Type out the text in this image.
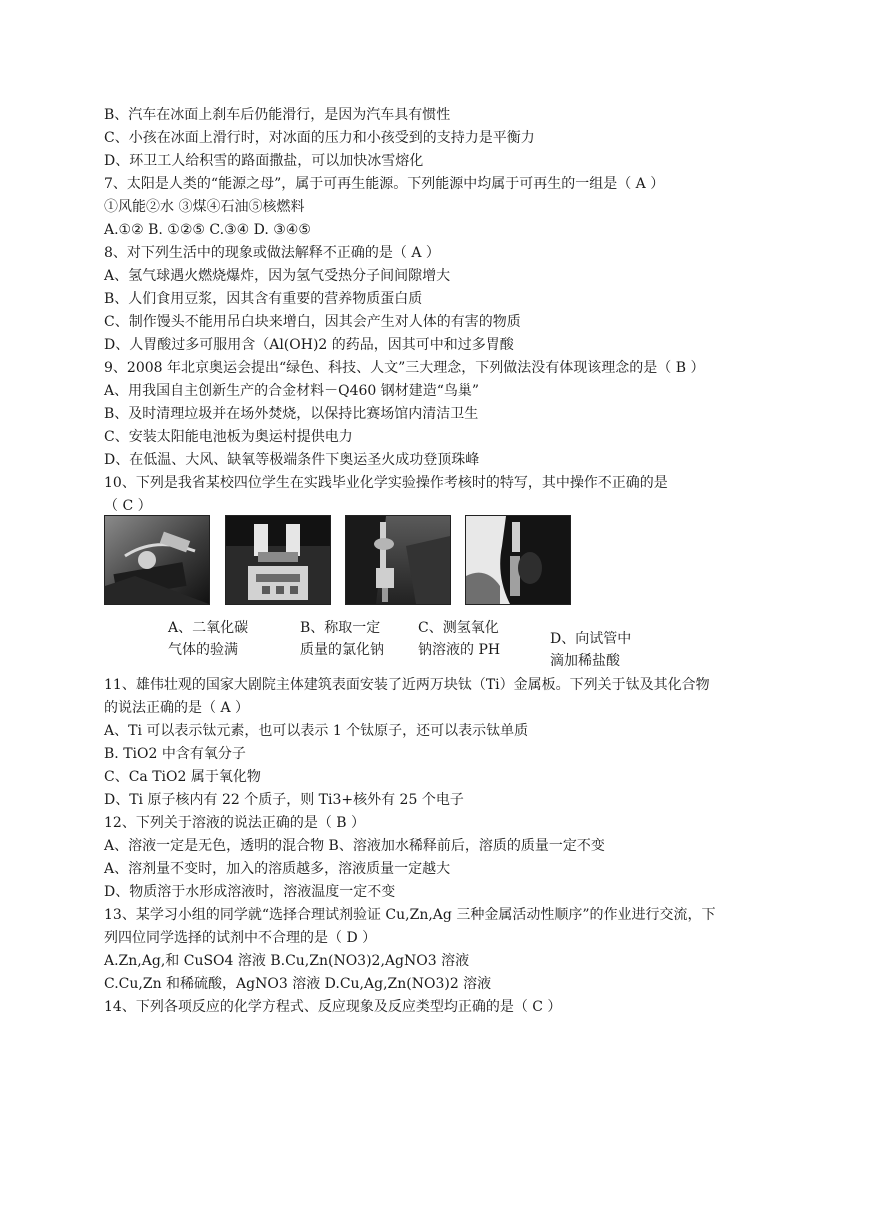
B、汽车在冰面上刹车后仍能滑行，是因为汽车具有惯性
C、小孩在冰面上滑行时，对冰面的压力和小孩受到的支持力是平衡力
D、环卫工人给积雪的路面撒盐，可以加快冰雪熔化
7、太阳是人类的“能源之母”，属于可再生能源。下列能源中均属于可再生的一组是（ A ）
①风能②水 ③煤④石油⑤核燃料
A.①② B. ①②⑤ C.③④ D. ③④⑤
8、对下列生活中的现象或做法解释不正确的是（ A ）
A、氢气球遇火燃烧爆炸，因为氢气受热分子间间隙增大
B、人们食用豆浆，因其含有重要的营养物质蛋白质
C、制作馒头不能用吊白块来增白，因其会产生对人体的有害的物质
D、人胃酸过多可服用含（Al(OH)2 的药品，因其可中和过多胃酸
9、2008 年北京奥运会提出“绿色、科技、人文”三大理念，下列做法没有体现该理念的是（ B ）
A、用我国自主创新生产的合金材料－Q460 钢材建造“鸟巢”
B、及时清理垃圾并在场外焚烧，以保持比赛场馆内清洁卫生
C、安装太阳能电池板为奥运村提供电力
D、在低温、大风、缺氧等极端条件下奥运圣火成功登顶珠峰
10、下列是我省某校四位学生在实践毕业化学实验操作考核时的特写，其中操作不正确的是
（ C ）
A、二氧化碳
气体的验满
B、称取一定
质量的氯化钠
C、测氢氧化
钠溶液的 PH
D、向试管中
滴加稀盐酸
11、雄伟壮观的国家大剧院主体建筑表面安装了近两万块钛（Ti）金属板。下列关于钛及其化合物
的说法正确的是（ A ）
A、Ti 可以表示钛元素，也可以表示 1 个钛原子，还可以表示钛单质
B. TiO2 中含有氧分子
C、Ca TiO2 属于氧化物
D、Ti 原子核内有 22 个质子，则 Ti3+核外有 25 个电子
12、下列关于溶液的说法正确的是（ B ）
A、溶液一定是无色，透明的混合物 B、溶液加水稀释前后，溶质的质量一定不变
A、溶剂量不变时，加入的溶质越多，溶液质量一定越大
D、物质溶于水形成溶液时，溶液温度一定不变
13、某学习小组的同学就“选择合理试剂验证 Cu,Zn,Ag 三种金属活动性顺序”的作业进行交流，下
列四位同学选择的试剂中不合理的是（ D ）
A.Zn,Ag,和 CuSO4 溶液 B.Cu,Zn(NO3)2,AgNO3 溶液
C.Cu,Zn 和稀硫酸，AgNO3 溶液 D.Cu,Ag,Zn(NO3)2 溶液
14、下列各项反应的化学方程式、反应现象及反应类型均正确的是（ C ）
